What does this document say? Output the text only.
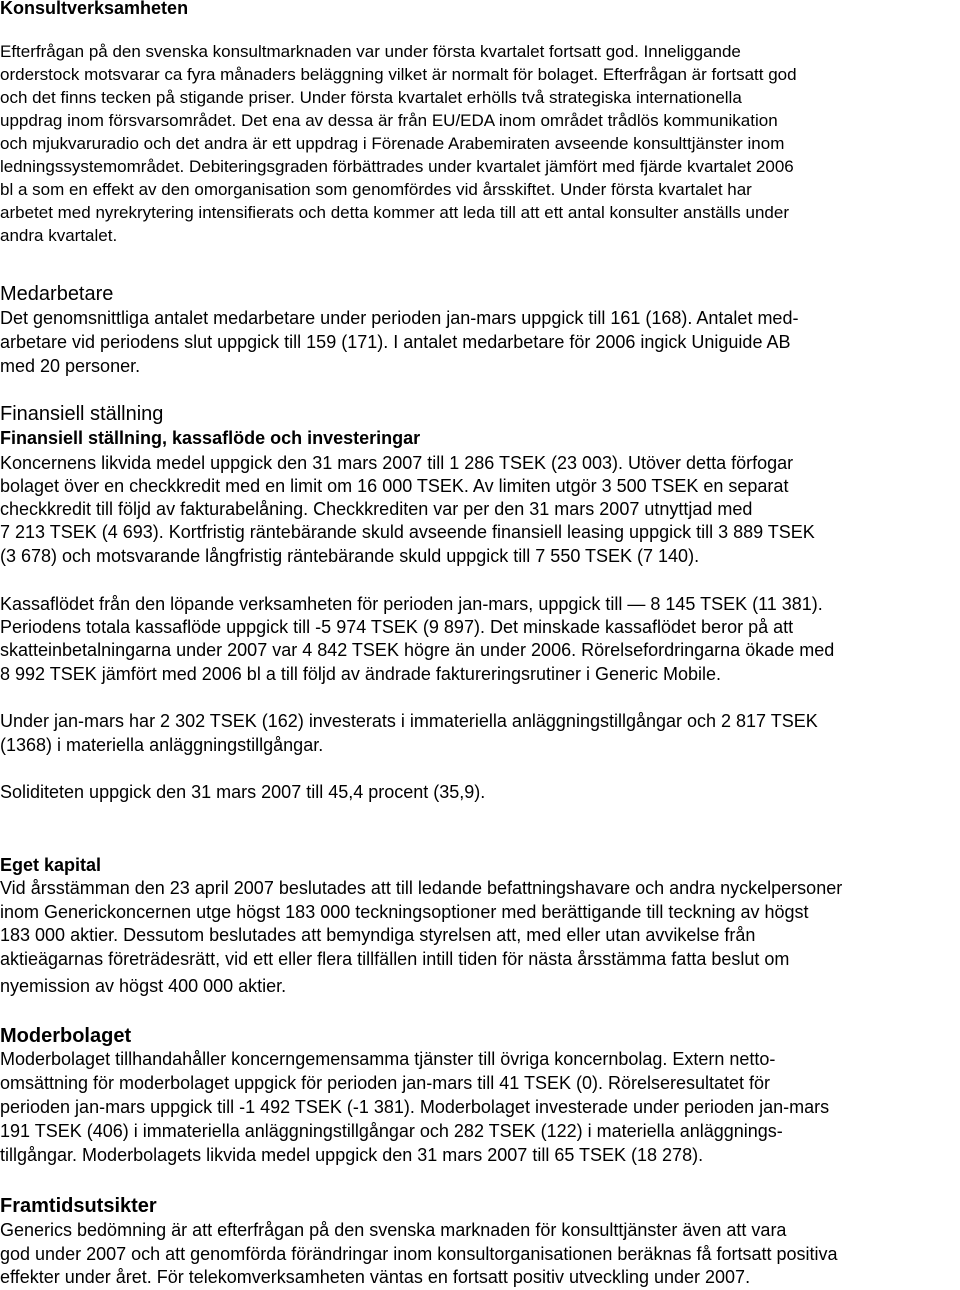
Konsultverksamheten
Efterfrågan på den svenska konsultmarknaden var under första kvartalet fortsatt god. Inneliggande
orderstock motsvarar ca fyra månaders beläggning vilket är normalt för bolaget. Efterfrågan är fortsatt god
och det finns tecken på stigande priser. Under första kvartalet erhölls två strategiska internationella
uppdrag inom försvarsområdet. Det ena av dessa är från EU/EDA inom området trådlös kommunikation
och mjukvaruradio och det andra är ett uppdrag i Förenade Arabemiraten avseende konsulttjänster inom
ledningssystemområdet. Debiteringsgraden förbättrades under kvartalet jämfört med fjärde kvartalet 2006
bl a som en effekt av den omorganisation som genomfördes vid årsskiftet. Under första kvartalet har
arbetet med nyrekrytering intensifierats och detta kommer att leda till att ett antal konsulter anställs under
andra kvartalet.
Medarbetare
Det genomsnittliga antalet medarbetare under perioden jan-mars uppgick till 161 (168). Antalet med-
arbetare vid periodens slut uppgick till 159 (171). I antalet medarbetare för 2006 ingick Uniguide AB
med 20 personer.
Finansiell ställning
Finansiell ställning, kassaflöde och investeringar
Koncernens likvida medel uppgick den 31 mars 2007 till 1 286 TSEK (23 003). Utöver detta förfogar
bolaget över en checkkredit med en limit om 16 000 TSEK. Av limiten utgör 3 500 TSEK en separat
checkkredit till följd av fakturabelåning. Checkkrediten var per den 31 mars 2007 utnyttjad med
7 213 TSEK (4 693). Kortfristig räntebärande skuld avseende finansiell leasing uppgick till 3 889 TSEK
(3 678) och motsvarande långfristig räntebärande skuld uppgick till 7 550 TSEK (7 140).
Kassaflödet från den löpande verksamheten för perioden jan-mars, uppgick till — 8 145 TSEK (11 381).
Periodens totala kassaflöde uppgick till -5 974 TSEK (9 897). Det minskade kassaflödet beror på att
skatteinbetalningarna under 2007 var 4 842 TSEK högre än under 2006. Rörelsefordringarna ökade med
8 992 TSEK jämfört med 2006 bl a till följd av ändrade faktureringsrutiner i Generic Mobile.
Under jan-mars har 2 302 TSEK (162) investerats i immateriella anläggningstillgångar och 2 817 TSEK
(1368) i materiella anläggningstillgångar.
Soliditeten uppgick den 31 mars 2007 till 45,4 procent (35,9).
Eget kapital
Vid årsstämman den 23 april 2007 beslutades att till ledande befattningshavare och andra nyckelpersoner
inom Generickoncernen utge högst 183 000 teckningsoptioner med berättigande till teckning av högst
183 000 aktier. Dessutom beslutades att bemyndiga styrelsen att, med eller utan avvikelse från
aktieägarnas företrädesrätt, vid ett eller flera tillfällen intill tiden för nästa årsstämma fatta beslut om
nyemission av högst 400 000 aktier.
Moderbolaget
Moderbolaget tillhandahåller koncerngemensamma tjänster till övriga koncernbolag. Extern netto-
omsättning för moderbolaget uppgick för perioden jan-mars till 41 TSEK (0). Rörelseresultatet för
perioden jan-mars uppgick till -1 492 TSEK (-1 381). Moderbolaget investerade under perioden jan-mars
191 TSEK (406) i immateriella anläggningstillgångar och 282 TSEK (122) i materiella anläggnings-
tillgångar. Moderbolagets likvida medel uppgick den 31 mars 2007 till 65 TSEK (18 278).
Framtidsutsikter
Generics bedömning är att efterfrågan på den svenska marknaden för konsulttjänster även att vara
god under 2007 och att genomförda förändringar inom konsultorganisationen beräknas få fortsatt positiva
effekter under året. För telekomverksamheten väntas en fortsatt positiv utveckling under 2007.
